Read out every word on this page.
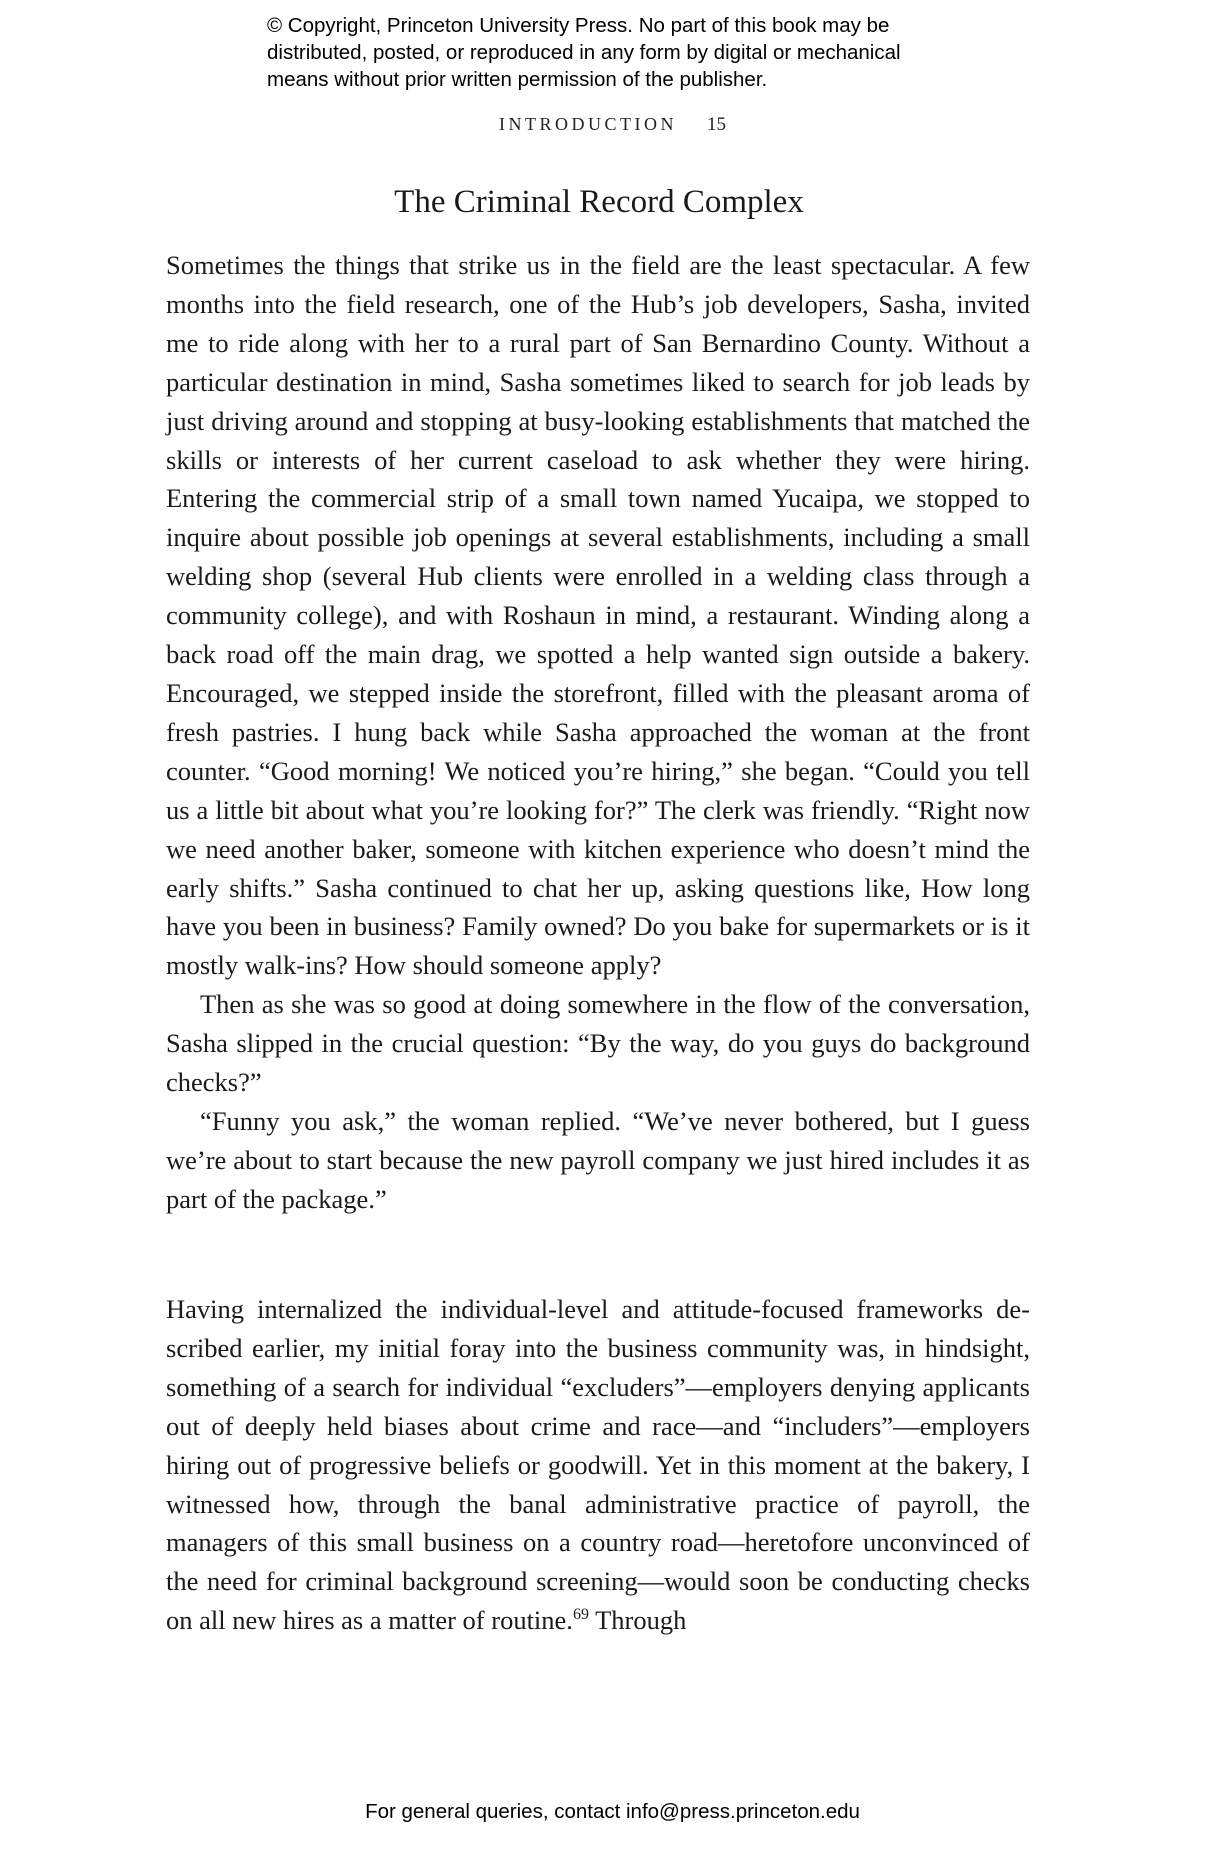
© Copyright, Princeton University Press. No part of this book may be
distributed, posted, or reproduced in any form by digital or mechanical
means without prior written permission of the publisher.
INTRODUCTION 15
The Criminal Record Complex

Sometimes the things that strike us in the field are the least spectacular. A few months into the field research, one of the Hub’s job developers, Sasha, invited me to ride along with her to a rural part of San Bernardino County. Without a particular destination in mind, Sasha sometimes liked to search for job leads by just driving around and stopping at busy-looking establishments that matched the skills or interests of her current caseload to ask whether they were hiring. Entering the commercial strip of a small town named Yucaipa, we stopped to inquire about possible job openings at several establishments, including a small welding shop (several Hub clients were enrolled in a welding class through a community college), and with Roshaun in mind, a restaurant. Winding along a back road off the main drag, we spotted a help wanted sign outside a bakery. Encouraged, we stepped inside the storefront, filled with the pleasant aroma of fresh pastries. I hung back while Sasha approached the woman at the front counter. “Good morning! We noticed you’re hiring,” she began. “Could you tell us a little bit about what you’re looking for?” The clerk was friendly. “Right now we need another baker, someone with kitchen experience who doesn’t mind the early shifts.” Sasha continued to chat her up, asking questions like, How long have you been in business? Family owned? Do you bake for supermarkets or is it mostly walk-ins? How should someone apply?

Then as she was so good at doing somewhere in the flow of the conversation, Sasha slipped in the crucial question: “By the way, do you guys do background checks?”

“Funny you ask,” the woman replied. “We’ve never bothered, but I guess we’re about to start because the new payroll company we just hired includes it as part of the package.”

Having internalized the individual-level and attitude-focused frameworks described earlier, my initial foray into the business community was, in hindsight, something of a search for individual “excluders”—employers denying applicants out of deeply held biases about crime and race—and “includers”—employers hiring out of progressive beliefs or goodwill. Yet in this moment at the bakery, I witnessed how, through the banal administrative practice of payroll, the managers of this small business on a country road—heretofore unconvinced of the need for criminal background screening—would soon be conducting checks on all new hires as a matter of routine.$^{69}$ Through

For general queries, contact info@press.princeton.edu
